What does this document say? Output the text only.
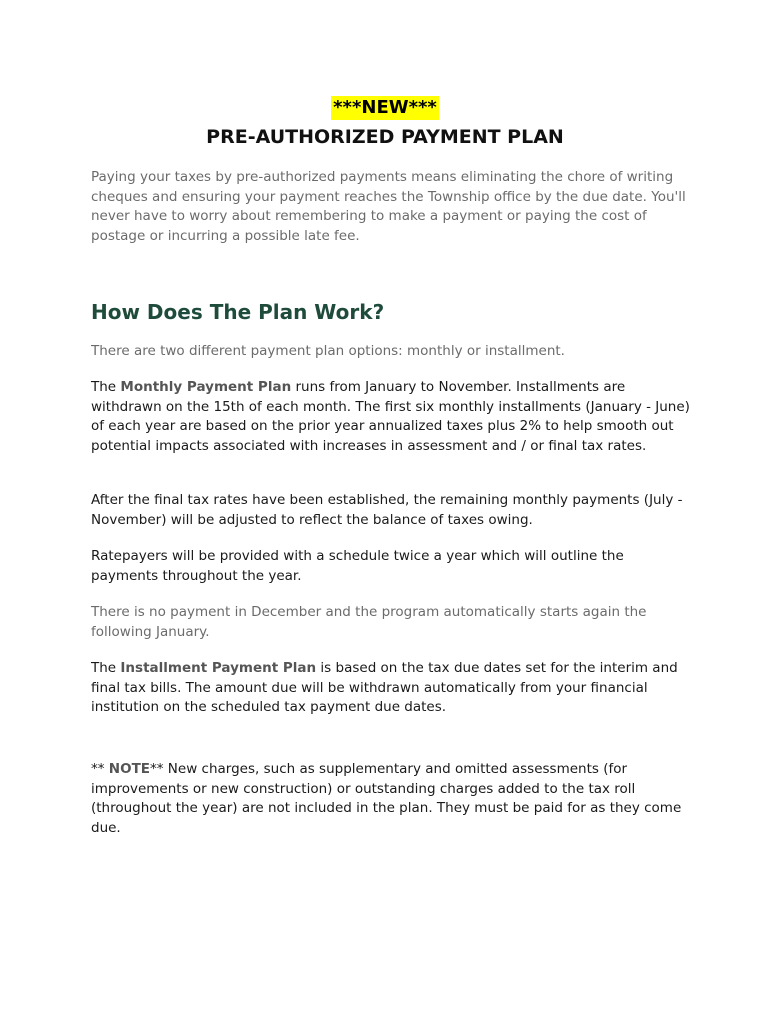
***NEW***
PRE-AUTHORIZED PAYMENT PLAN

Paying your taxes by pre-authorized payments means eliminating the chore of writing cheques and ensuring your payment reaches the Township office by the due date. You'll never have to worry about remembering to make a payment or paying the cost of postage or incurring a possible late fee.

How Does The Plan Work?

There are two different payment plan options: monthly or installment.

The Monthly Payment Plan runs from January to November. Installments are withdrawn on the 15th of each month. The first six monthly installments (January - June) of each year are based on the prior year annualized taxes plus 2% to help smooth out potential impacts associated with increases in assessment and / or final tax rates.

After the final tax rates have been established, the remaining monthly payments (July - November) will be adjusted to reflect the balance of taxes owing.

Ratepayers will be provided with a schedule twice a year which will outline the payments throughout the year.

There is no payment in December and the program automatically starts again the following January.

The Installment Payment Plan is based on the tax due dates set for the interim and final tax bills. The amount due will be withdrawn automatically from your financial institution on the scheduled tax payment due dates.

** NOTE** New charges, such as supplementary and omitted assessments (for improvements or new construction) or outstanding charges added to the tax roll (throughout the year) are not included in the plan. They must be paid for as they come due.
